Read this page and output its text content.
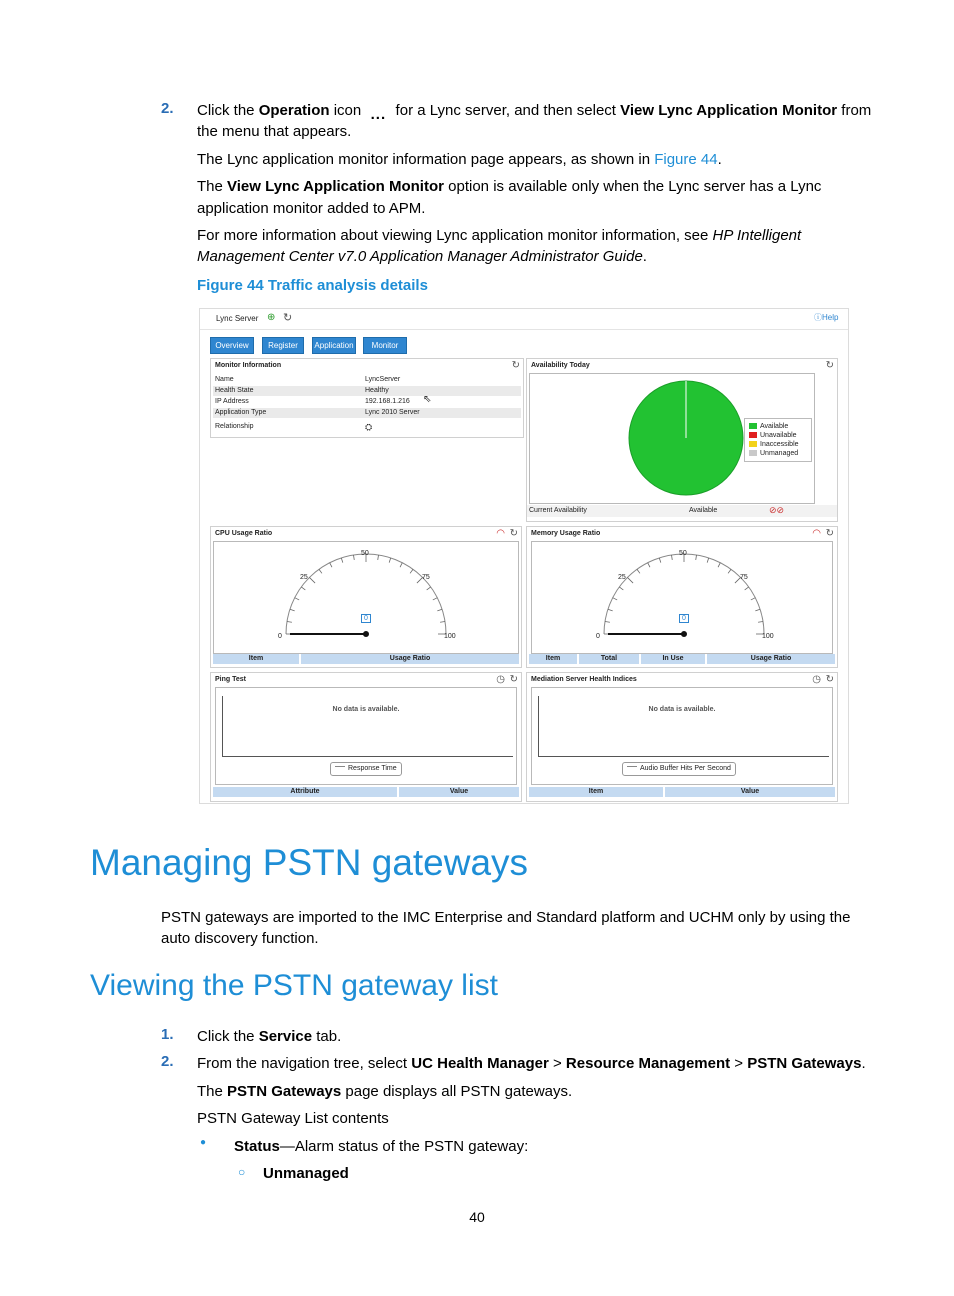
2. Click the Operation icon ... for a Lync server, and then select View Lync Application Monitor from
the menu that appears.
The Lync application monitor information page appears, as shown in Figure 44.
The View Lync Application Monitor option is available only when the Lync server has a Lync
application monitor added to APM.
For more information about viewing Lync application monitor information, see HP Intelligent
Management Center v7.0 Application Manager Administrator Guide.
Figure 44 Traffic analysis details
Lync Server ⊕ ↻	ⓘHelp
Overview	Register	Application	Monitor
Monitor Information	↻
Name	LyncServer
Health State	Healthy
IP Address	192.168.1.216 ⇖
Application Type	Lync 2010 Server
Relationship	⛭
Availability Today	↻
Available
Unavailable
Inaccessible
Unmanaged
Current Availability	Available	⊘⊘
CPU Usage Ratio	◠ ↻
0
25
50
75
100
0
Item	Usage Ratio
Memory Usage Ratio	◠ ↻
0
25
50
75
100
0
Item	Total	In Use	Usage Ratio
Ping Test	◷ ↻
No data is available.
Response Time
Attribute	Value
Mediation Server Health Indices	◷ ↻
No data is available.
Audio Buffer Hits Per Second
Item	Value
Managing PSTN gateways
PSTN gateways are imported to the IMC Enterprise and Standard platform and UCHM only by using the
auto discovery function.
Viewing the PSTN gateway list
1. Click the Service tab.
2. From the navigation tree, select UC Health Manager > Resource Management > PSTN Gateways.
The PSTN Gateways page displays all PSTN gateways.
PSTN Gateway List contents
● Status—Alarm status of the PSTN gateway:
○ Unmanaged
40
